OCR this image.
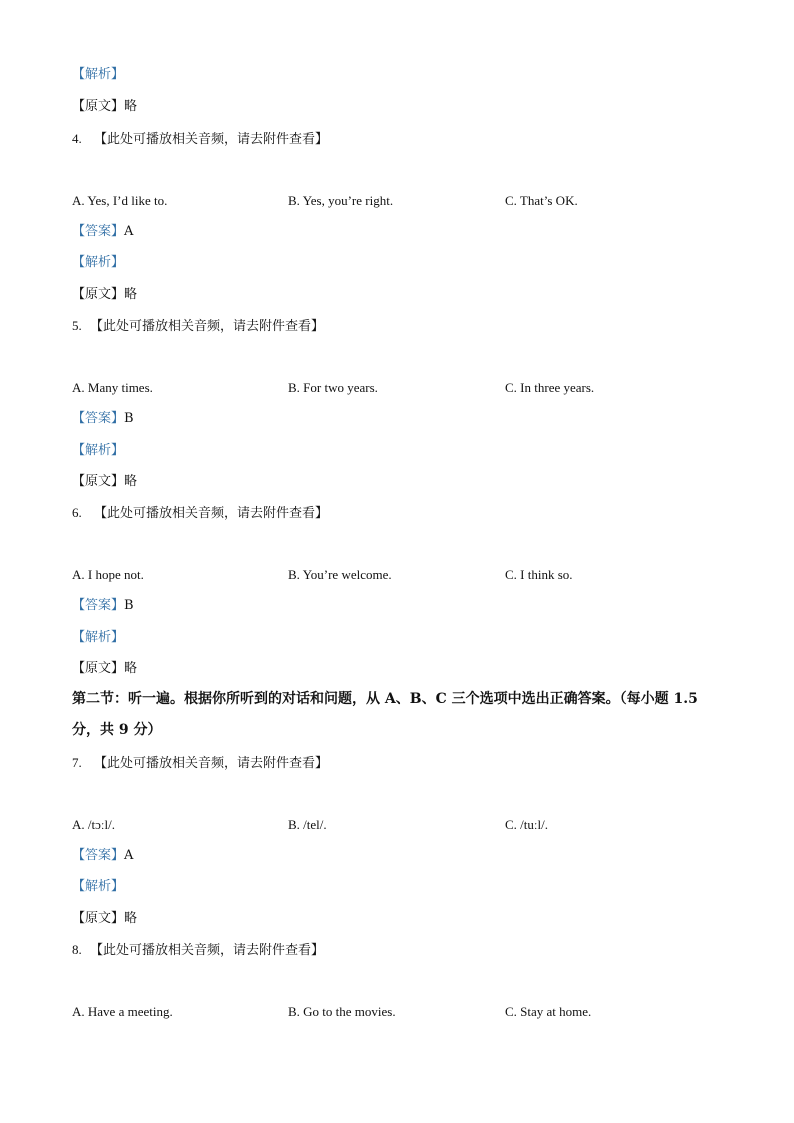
【解析】
【原文】略
4. 【此处可播放相关音频，请去附件查看】
A. Yes, I’d like to.	B. Yes, you’re right.	C. That’s OK.
【答案】A
【解析】
【原文】略
5. 【此处可播放相关音频，请去附件查看】
A. Many times.	B. For two years.	C. In three years.
【答案】B
【解析】
【原文】略
6. 【此处可播放相关音频，请去附件查看】
A. I hope not.	B. You’re welcome.	C. I think so.
【答案】B
【解析】
【原文】略
第二节：听一遍。根据你所听到的对话和问题，从 A、B、C 三个选项中选出正确答案。（每小题 1.5 分，共 9 分）
7. 【此处可播放相关音频，请去附件查看】
A. /tɔːl/.	B. /tel/.	C. /tuːl/.
【答案】A
【解析】
【原文】略
8. 【此处可播放相关音频，请去附件查看】
A. Have a meeting.	B. Go to the movies.	C. Stay at home.
